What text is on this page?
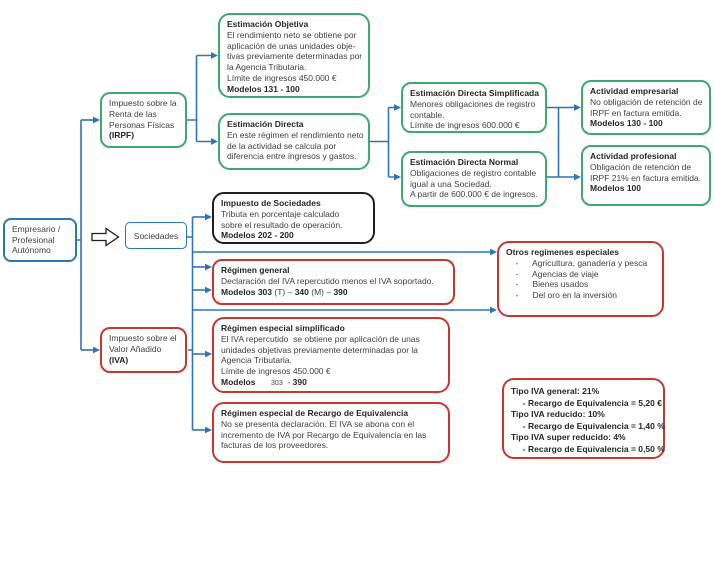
Empresario /
Profesional
Autónomo
Impuesto sobre la
Renta de las
Personas Físicas
(IRPF)
Sociedades
Impuesto sobre el
Valor Añadido
(IVA)
Estimación Objetiva
El rendimiento neto se obtiene por
aplicación de unas unidades obje-
tivas previamente determinadas por
la Agencia Tributaria.
Límite de ingresos 450.000 €
Modelos 131 - 100
Estimación Directa
En este régimen el rendimiento neto
de la actividad se calcula por
diferencia entre ingresos y gastos.
Impuesto de Sociedades
Tributa en porcentaje calculado
sobre el resultado de operación.
Modelos 202 - 200
Régimen general
Declaración del IVA repercutido menos el IVA soportado.
Modelos 303 (T) – 340 (M) – 390
Régimen especial simplificado
El IVA repercutido  se obtiene por aplicación de unas
unidades objetivas previamente determinadas por la
Agencia Tributaria.
Límite de ingresos 450.000 €
Modelos        303  - 390
Régimen especial de Recargo de Equivalencia
No se presenta declaración. El IVA se abona con el
incremento de IVA por Recargo de Equivalencia en las
facturas de los proveedores.
Estimación Directa Simplificada
Menores obligaciones de registro
contable.
Límite de ingresos 600.000 €
Estimación Directa Normal
Obligaciones de registro contable
igual a una Sociedad.
A partir de 600.000 € de ingresos.
Actividad empresarial
No obligación de retención de
IRPF en factura emitida.
Modelos 130 - 100
Actividad profesional
Obligación de retención de
IRPF 21% en factura emitida.
Modelos 100
Otros regímenes especiales
-      Agricultura, ganadería y pesca
-      Agencias de viaje
-      Bienes usados
-      Del oro en la inversión
Tipo IVA general: 21%
- Recargo de Equivalencia = 5,20 €
Tipo IVA reducido: 10%
- Recargo de Equivalencia = 1,40 %
Tipo IVA super reducido: 4%
- Recargo de Equivalencia = 0,50 %
